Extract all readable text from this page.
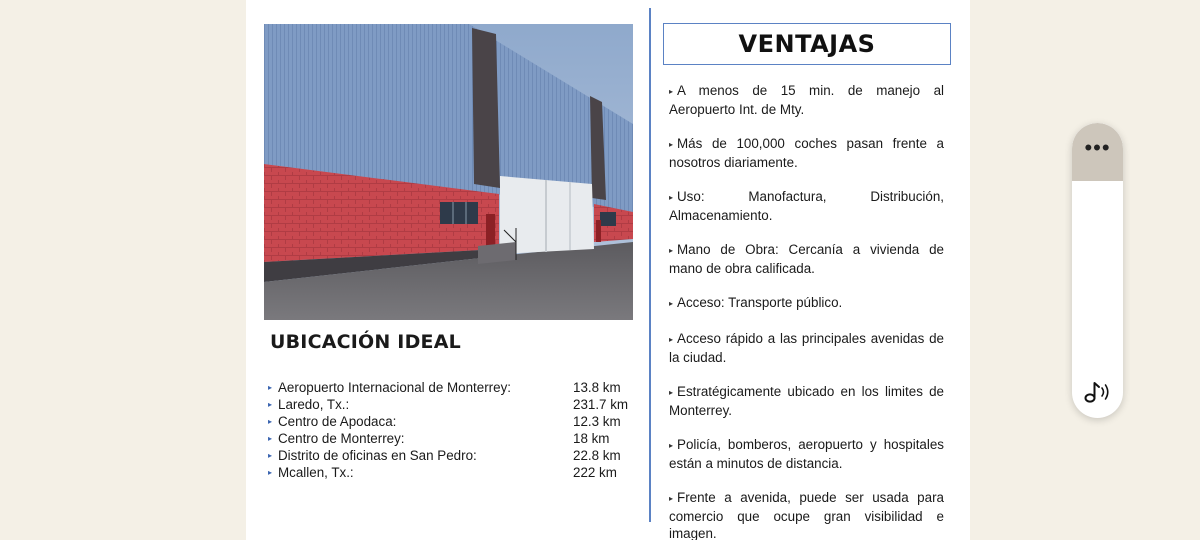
UBICACIÓN IDEAL
▸ Aeropuerto Internacional de Monterrey:	13.8 km
▸ Laredo, Tx.:	231.7 km
▸ Centro de Apodaca:	12.3 km
▸ Centro de Monterrey:	18 km
▸ Distrito de oficinas en San Pedro:	22.8 km
▸ Mcallen, Tx.:	222 km
VENTAJAS
▸ A menos de 15 min. de manejo al Aeropuerto Int. de Mty.
▸ Más de 100,000 coches pasan frente a nosotros diariamente.
▸ Uso: Manofactura, Distribución, Almacenamiento.
▸ Mano de Obra: Cercanía a vivienda de mano de obra calificada.
▸ Acceso: Transporte público.
▸ Acceso rápido a las principales avenidas de la ciudad.
▸ Estratégicamente ubicado en los limites de Monterrey.
▸ Policía, bomberos, aeropuerto y hospitales están a minutos de distancia.
▸ Frente a avenida, puede ser usada para comercio que ocupe gran visibilidad e imagen.
•••
